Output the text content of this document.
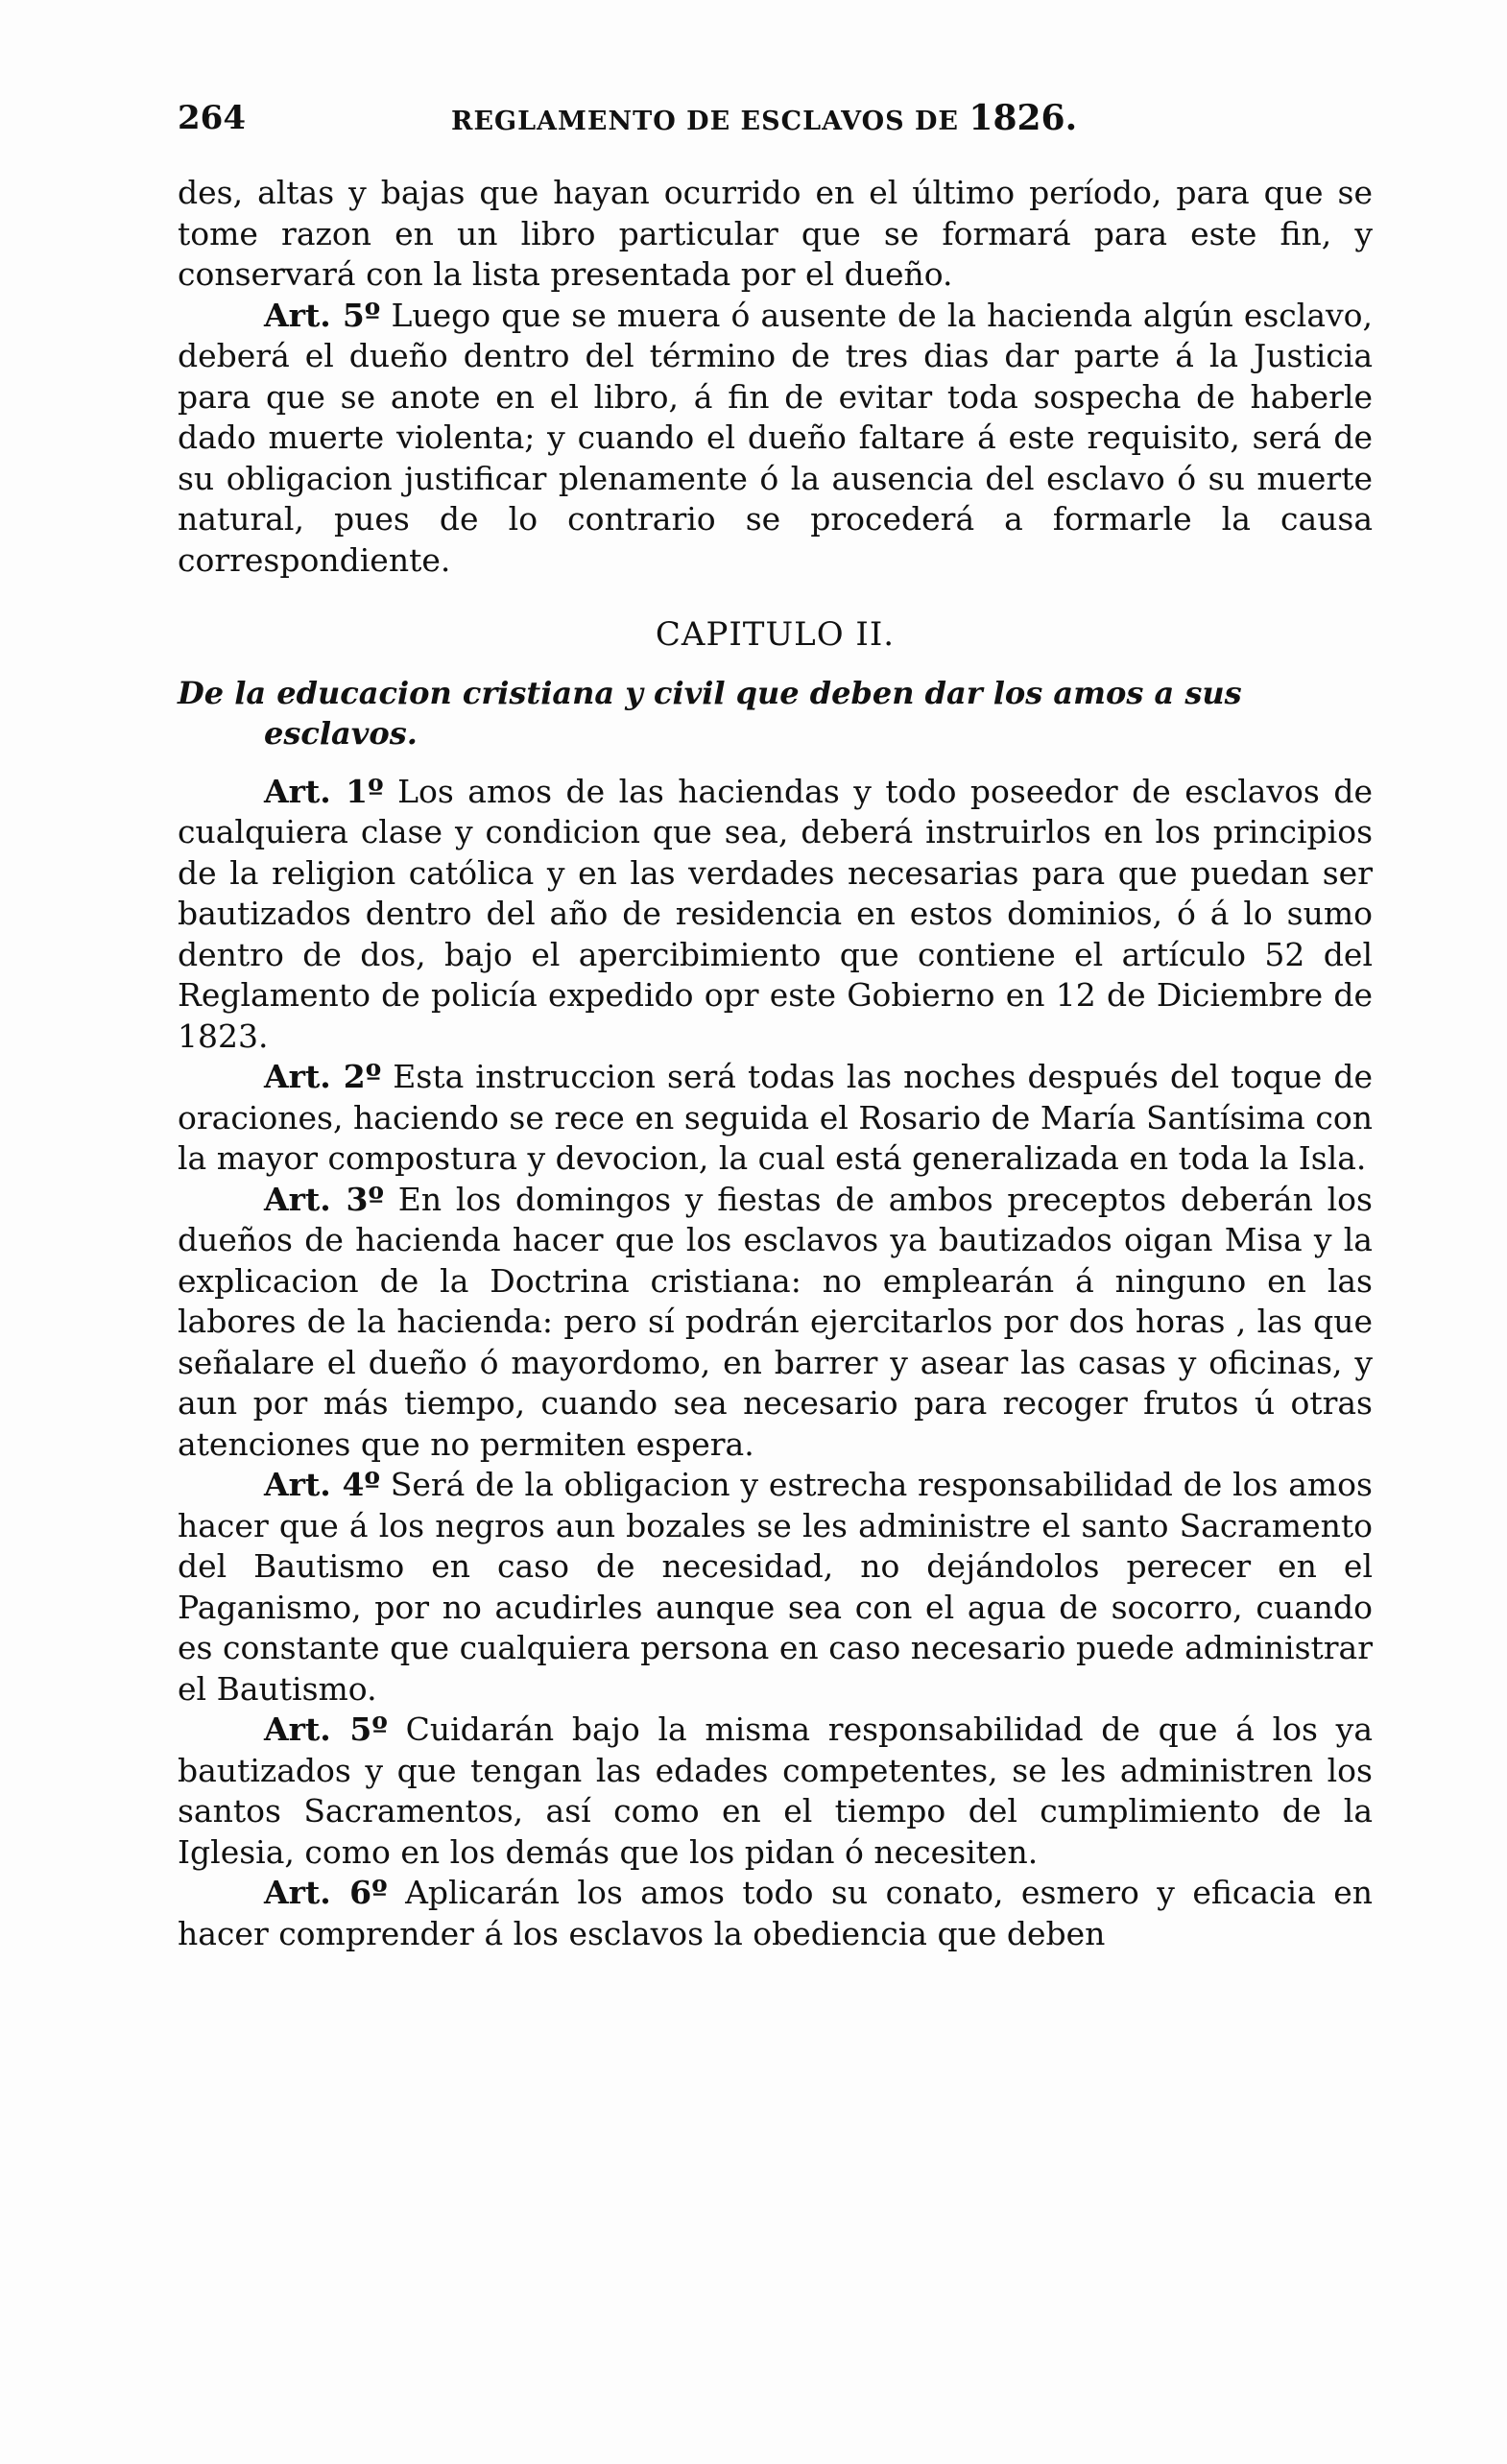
264	REGLAMENTO DE ESCLAVOS DE 1826.

des, altas y bajas que hayan ocurrido en el último período, para que se tome razon en un libro particular que se formará para este fin, y conservará con la lista presentada por el dueño.

Art. 5º Luego que se muera ó ausente de la hacienda algún esclavo, deberá el dueño dentro del término de tres dias dar parte á la Justicia para que se anote en el libro, á fin de evitar toda sospecha de haberle dado muerte violenta; y cuando el dueño faltare á este requisito, será de su obligacion justificar plenamente ó la ausencia del esclavo ó su muerte natural, pues de lo contrario se procederá a formarle la causa correspondiente.

CAPITULO II.

De la educacion cristiana y civil que deben dar los amos a sus esclavos.

Art. 1º Los amos de las haciendas y todo poseedor de esclavos de cualquiera clase y condicion que sea, deberá instruirlos en los principios de la religion católica y en las verdades necesarias para que puedan ser bautizados dentro del año de residencia en estos dominios, ó á lo sumo dentro de dos, bajo el apercibimiento que contiene el artículo 52 del Reglamento de policía expedido opr este Gobierno en 12 de Diciembre de 1823.

Art. 2º Esta instruccion será todas las noches después del toque de oraciones, haciendo se rece en seguida el Rosario de María Santísima con la mayor compostura y devocion, la cual está generalizada en toda la Isla.

Art. 3º En los domingos y fiestas de ambos preceptos deberán los dueños de hacienda hacer que los esclavos ya bautizados oigan Misa y la explicacion de la Doctrina cristiana: no emplearán á ninguno en las labores de la hacienda: pero sí podrán ejercitarlos por dos horas , las que señalare el dueño ó mayordomo, en barrer y asear las casas y oficinas, y aun por más tiempo, cuando sea necesario para recoger frutos ú otras atenciones que no permiten espera.

Art. 4º Será de la obligacion y estrecha responsabilidad de los amos hacer que á los negros aun bozales se les administre el santo Sacramento del Bautismo en caso de necesidad, no dejándolos perecer en el Paganismo, por no acudirles aunque sea con el agua de socorro, cuando es constante que cualquiera persona en caso necesario puede administrar el Bautismo.

Art. 5º Cuidarán bajo la misma responsabilidad de que á los ya bautizados y que tengan las edades competentes, se les administren los santos Sacramentos, así como en el tiempo del cumplimiento de la Iglesia, como en los demás que los pidan ó necesiten.

Art. 6º Aplicarán los amos todo su conato, esmero y eficacia en hacer comprender á los esclavos la obediencia que deben
